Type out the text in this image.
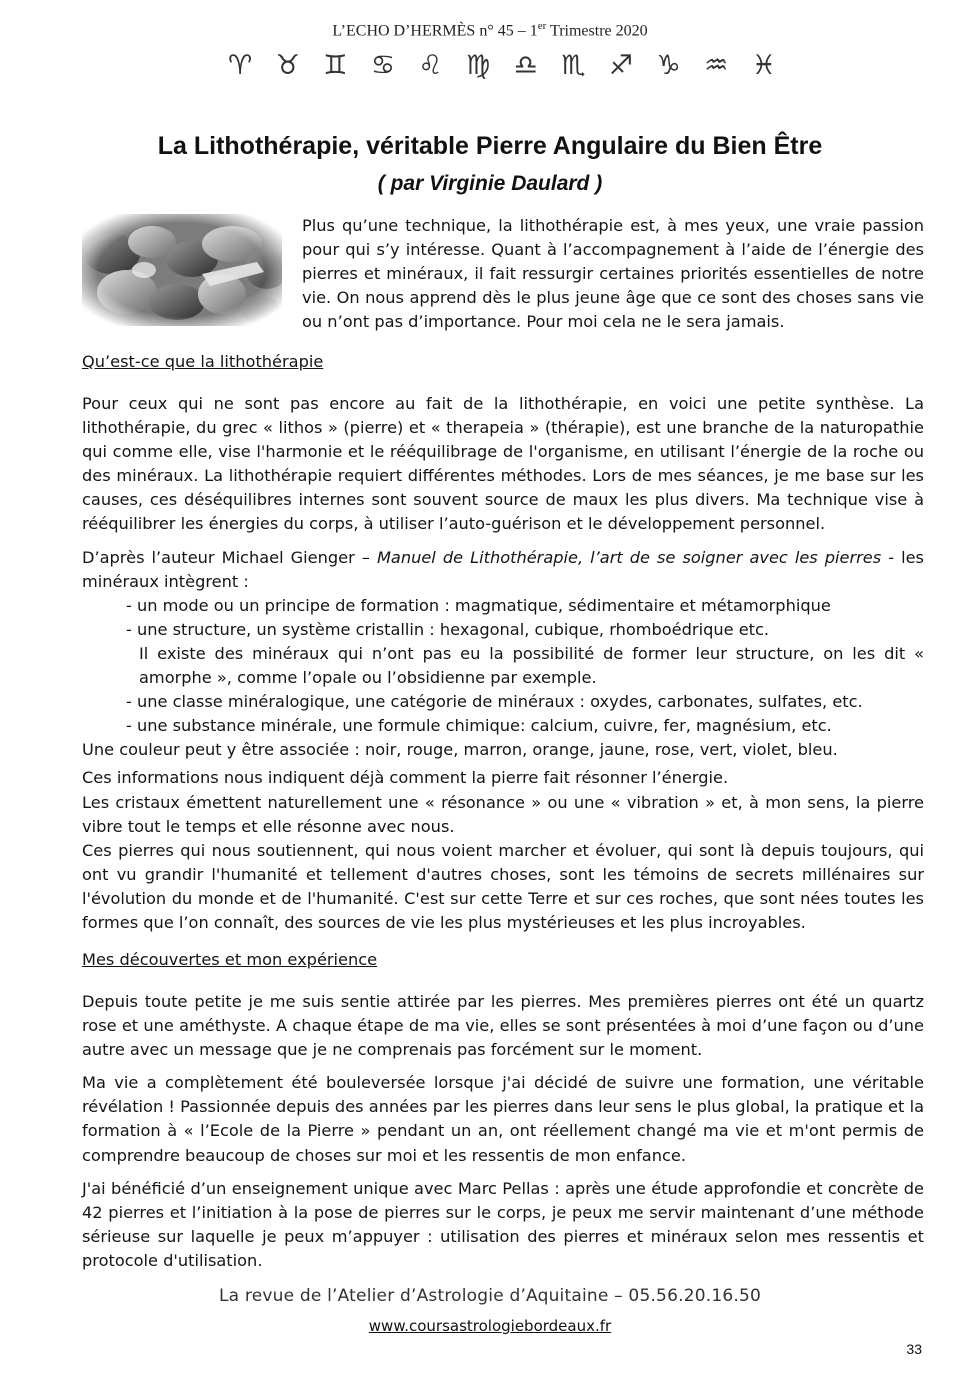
L’ECHO D’HERMÈS n° 45 – 1er Trimestre 2020
♈︎ ♉︎ ♊︎ ♋︎ ♌︎ ♍︎ ♎︎ ♏︎ ♐︎ ♑︎ ♒︎ ♓︎
La Lithothérapie, véritable Pierre Angulaire du Bien Être
( par Virginie Daulard )

Plus qu’une technique, la lithothérapie est, à mes yeux, une vraie passion pour qui s’y intéresse. Quant à l’accompagnement à l’aide de l’énergie des pierres et minéraux, il fait ressurgir certaines priorités essentielles de notre vie. On nous apprend dès le plus jeune âge que ce sont des choses sans vie ou n’ont pas d’importance. Pour moi cela ne le sera jamais.

Qu’est-ce que la lithothérapie

Pour ceux qui ne sont pas encore au fait de la lithothérapie, en voici une petite synthèse. La lithothérapie, du grec « lithos » (pierre) et « therapeia » (thérapie), est une branche de la naturopathie qui comme elle, vise l'harmonie et le rééquilibrage de l'organisme, en utilisant l’énergie de la roche ou des minéraux. La lithothérapie requiert différentes méthodes. Lors de mes séances, je me base sur les causes, ces déséquilibres internes sont souvent source de maux les plus divers. Ma technique vise à rééquilibrer les énergies du corps, à utiliser l’auto-guérison et le développement personnel.

D’après l’auteur Michael Gienger – Manuel de Lithothérapie, l’art de se soigner avec les pierres - les minéraux intègrent :

- un mode ou un principe de formation : magmatique, sédimentaire et métamorphique
- une structure, un système cristallin : hexagonal, cubique, rhomboédrique etc.
Il existe des minéraux qui n’ont pas eu la possibilité de former leur structure, on les dit « amorphe », comme l’opale ou l’obsidienne par exemple.
- une classe minéralogique, une catégorie de minéraux : oxydes, carbonates, sulfates, etc.
- une substance minérale, une formule chimique: calcium, cuivre, fer, magnésium, etc.

Une couleur peut y être associée : noir, rouge, marron, orange, jaune, rose, vert, violet, bleu.

Ces informations nous indiquent déjà comment la pierre fait résonner l’énergie.

Les cristaux émettent naturellement une « résonance » ou une « vibration » et, à mon sens, la pierre vibre tout le temps et elle résonne avec nous.

Ces pierres qui nous soutiennent, qui nous voient marcher et évoluer, qui sont là depuis toujours, qui ont vu grandir l'humanité et tellement d'autres choses, sont les témoins de secrets millénaires sur l'évolution du monde et de l'humanité. C'est sur cette Terre et sur ces roches, que sont nées toutes les formes que l’on connaît, des sources de vie les plus mystérieuses et les plus incroyables.

Mes découvertes et mon expérience

Depuis toute petite je me suis sentie attirée par les pierres. Mes premières pierres ont été un quartz rose et une améthyste. A chaque étape de ma vie, elles se sont présentées à moi d’une façon ou d’une autre avec un message que je ne comprenais pas forcément sur le moment.

Ma vie a complètement été bouleversée lorsque j'ai décidé de suivre une formation, une véritable révélation ! Passionnée depuis des années par les pierres dans leur sens le plus global, la pratique et la formation à « l’Ecole de la Pierre » pendant un an, ont réellement changé ma vie et m'ont permis de comprendre beaucoup de choses sur moi et les ressentis de mon enfance.

J'ai bénéficié d’un enseignement unique avec Marc Pellas : après une étude approfondie et concrète de 42 pierres et l’initiation à la pose de pierres sur le corps, je peux me servir maintenant d’une méthode sérieuse sur laquelle je peux m’appuyer : utilisation des pierres et minéraux selon mes ressentis et protocole d'utilisation.

La revue de l’Atelier d’Astrologie d’Aquitaine – 05.56.20.16.50
www.coursastrologiebordeaux.fr
33
